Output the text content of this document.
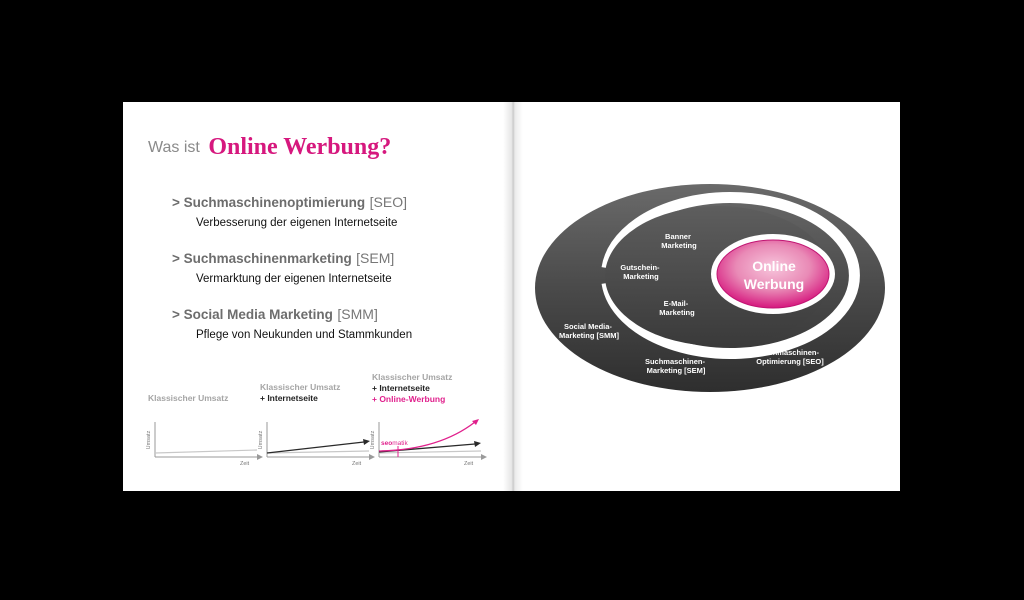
Was ist Online Werbung?
> Suchmaschinenoptimierung [SEO]
Verbesserung der eigenen Internetseite
> Suchmaschinenmarketing [SEM]
Vermarktung der eigenen Internetseite
> Social Media Marketing [SMM]
Pflege von Neukunden und Stammkunden
Klassischer Umsatz
Klassischer Umsatz
+ Internetseite
Klassischer Umsatz
+ Internetseite
+ Online-Werbung
Umsatz
Zeit
Umsatz
Zeit
seomatik
Umsatz
Zeit
Online
Werbung
Banner Marketing
Gutschein- Marketing
E-Mail- Marketing
Social Media- Marketing [SMM]
Suchmaschinen- Marketing [SEM]
Suchmaschinen- Optimierung [SEO]
